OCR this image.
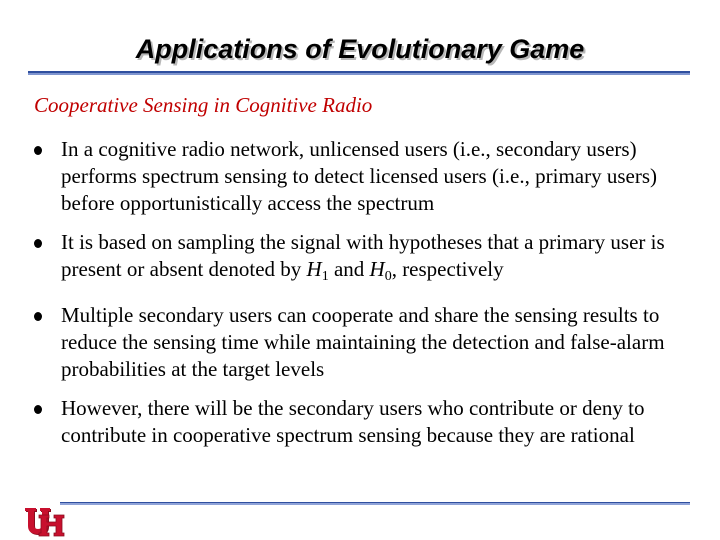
Applications of Evolutionary Game
Cooperative Sensing in Cognitive Radio
In a cognitive radio network, unlicensed users (i.e., secondary users) performs spectrum sensing to detect licensed users (i.e., primary users) before opportunistically access the spectrum
It is based on sampling the signal with hypotheses that a primary user is present or absent denoted by $H_1$ and $H_0$, respectively
Multiple secondary users can cooperate and share the sensing results to reduce the sensing time while maintaining the detection and false-alarm probabilities at the target levels
However, there will be the secondary users who contribute or deny to contribute in cooperative spectrum sensing because they are rational
